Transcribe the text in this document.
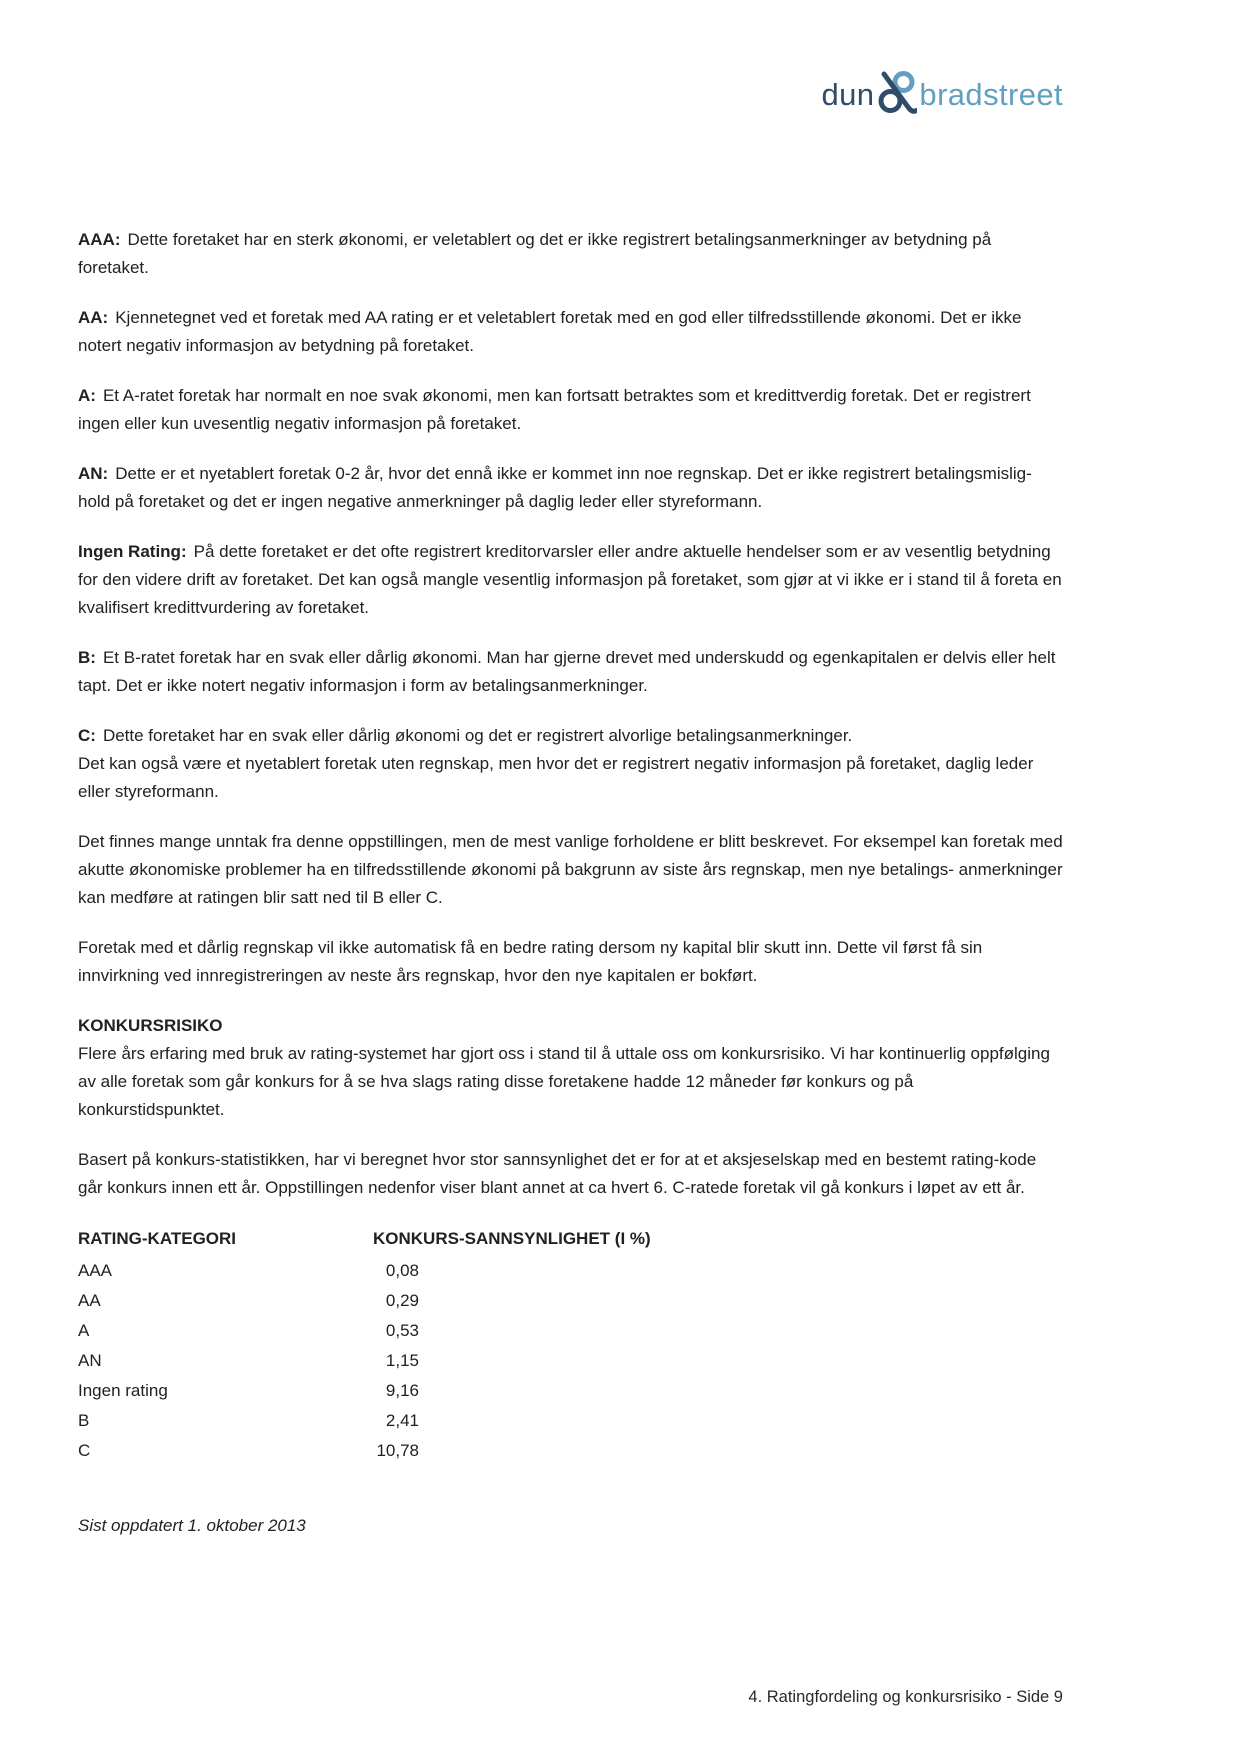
dun bradstreet

AAA: Dette foretaket har en sterk økonomi, er veletablert og det er ikke registrert betalingsanmerkninger av betydning på foretaket.

AA: Kjennetegnet ved et foretak med AA rating er et veletablert foretak med en god eller tilfredsstillende økonomi. Det er ikke notert negativ informasjon av betydning på foretaket.

A: Et A-ratet foretak har normalt en noe svak økonomi, men kan fortsatt betraktes som et kredittverdig foretak. Det er registrert ingen eller kun uvesentlig negativ informasjon på foretaket.

AN: Dette er et nyetablert foretak 0-2 år, hvor det ennå ikke er kommet inn noe regnskap. Det er ikke registrert betalingsmislig- hold på foretaket og det er ingen negative anmerkninger på daglig leder eller styreformann.

Ingen Rating: På dette foretaket er det ofte registrert kreditorvarsler eller andre aktuelle hendelser som er av vesentlig betydning for den videre drift av foretaket. Det kan også mangle vesentlig informasjon på foretaket, som gjør at vi ikke er i stand til å foreta en kvalifisert kredittvurdering av foretaket.

B: Et B-ratet foretak har en svak eller dårlig økonomi. Man har gjerne drevet med underskudd og egenkapitalen er delvis eller helt tapt. Det er ikke notert negativ informasjon i form av betalingsanmerkninger.

C: Dette foretaket har en svak eller dårlig økonomi og det er registrert alvorlige betalingsanmerkninger.
Det kan også være et nyetablert foretak uten regnskap, men hvor det er registrert negativ informasjon på foretaket, daglig leder eller styreformann.

Det finnes mange unntak fra denne oppstillingen, men de mest vanlige forholdene er blitt beskrevet. For eksempel kan foretak med akutte økonomiske problemer ha en tilfredsstillende økonomi på bakgrunn av siste års regnskap, men nye betalings- anmerkninger kan medføre at ratingen blir satt ned til B eller C.

Foretak med et dårlig regnskap vil ikke automatisk få en bedre rating dersom ny kapital blir skutt inn. Dette vil først få sin innvirkning ved innregistreringen av neste års regnskap, hvor den nye kapitalen er bokført.

KONKURSRISIKO

Flere års erfaring med bruk av rating-systemet har gjort oss i stand til å uttale oss om konkursrisiko. Vi har kontinuerlig oppfølging av alle foretak som går konkurs for å se hva slags rating disse foretakene hadde 12 måneder før konkurs og på konkurstidspunktet.

Basert på konkurs-statistikken, har vi beregnet hvor stor sannsynlighet det er for at et aksjeselskap med en bestemt rating-kode går konkurs innen ett år. Oppstillingen nedenfor viser blant annet at ca hvert 6. C-ratede foretak vil gå konkurs i løpet av ett år.

RATING-KATEGORI	KONKURS-SANNSYNLIGHET (I %)
AAA	0,08
AA	0,29
A	0,53
AN	1,15
Ingen rating	9,16
B	2,41
C	10,78
Sist oppdatert 1. oktober 2013
4. Ratingfordeling og konkursrisiko - Side 9
